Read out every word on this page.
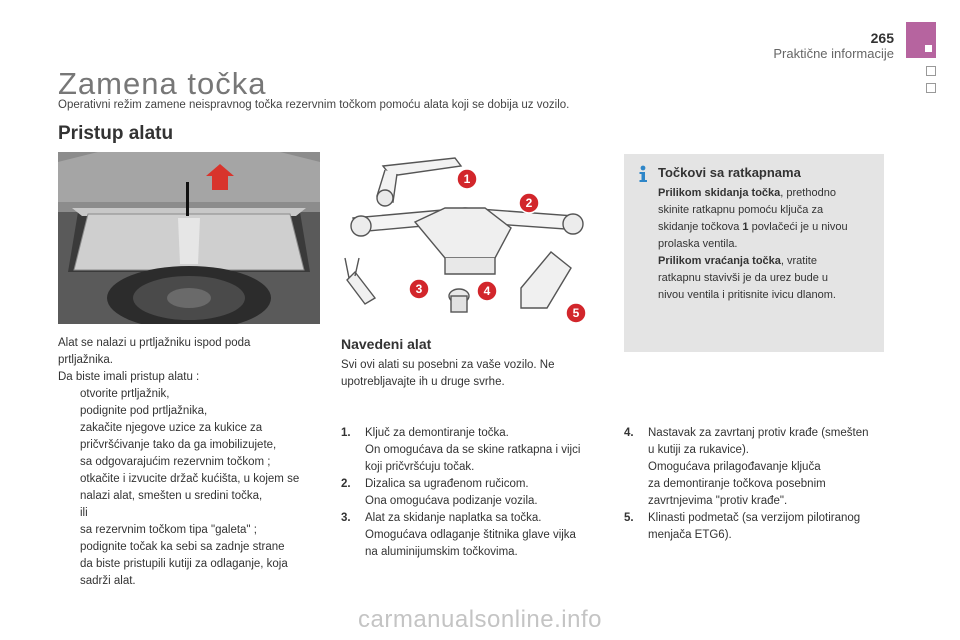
265
Praktične informacije
Zamena točka
Operativni režim zamene neispravnog točka rezervnim točkom pomoću alata koji se dobija uz vozilo.
Pristup alatu
1
2
3	4
5
Točkovi sa ratkapnama

Prilikom skidanja točka, prethodno

skinite ratkapnu pomoću ključa za

skidanje točkova 1 povlačeći je u nivou

prolaska ventila.

Prilikom vraćanja točka, vratite

ratkapnu stavivši je da urez bude u

nivou ventila i pritisnite ivicu dlanom.

Alat se nalazi u prtljažniku ispod poda

prtljažnika.

Da biste imali pristup alatu :

otvorite prtljažnik,

podignite pod prtljažnika,

zakačite njegove uzice za kukice za

pričvršćivanje tako da ga imobilizujete,

sa odgovarajućim rezervnim točkom ;

otkačite i izvucite držač kućišta, u kojem se

nalazi alat, smešten u sredini točka,

ili

sa rezervnim točkom tipa "galeta" ;

podignite točak ka sebi sa zadnje strane

da biste pristupili kutiji za odlaganje, koja

sadrži alat.

Navedeni alat

Svi ovi alati su posebni za vaše vozilo. Ne

upotrebljavajte ih u druge svrhe.

1.	Ključ za demontiranje točka.

On omogućava da se skine ratkapna i vijci

koji pričvršćuju točak.

2.	Dizalica sa ugrađenom ručicom.

Ona omogućava podizanje vozila.

3.	Alat za skidanje naplatka sa točka.

Omogućava odlaganje štitnika glave vijka

na aluminijumskim točkovima.

4.	Nastavak za zavrtanj protiv krađe (smešten

u kutiji za rukavice).

Omogućava prilagođavanje ključa

za demontiranje točkova posebnim

zavrtnjevima "protiv krađe".

5.	Klinasti podmetač (sa verzijom pilotiranog

menjača ETG6).

carmanualsonline.info
